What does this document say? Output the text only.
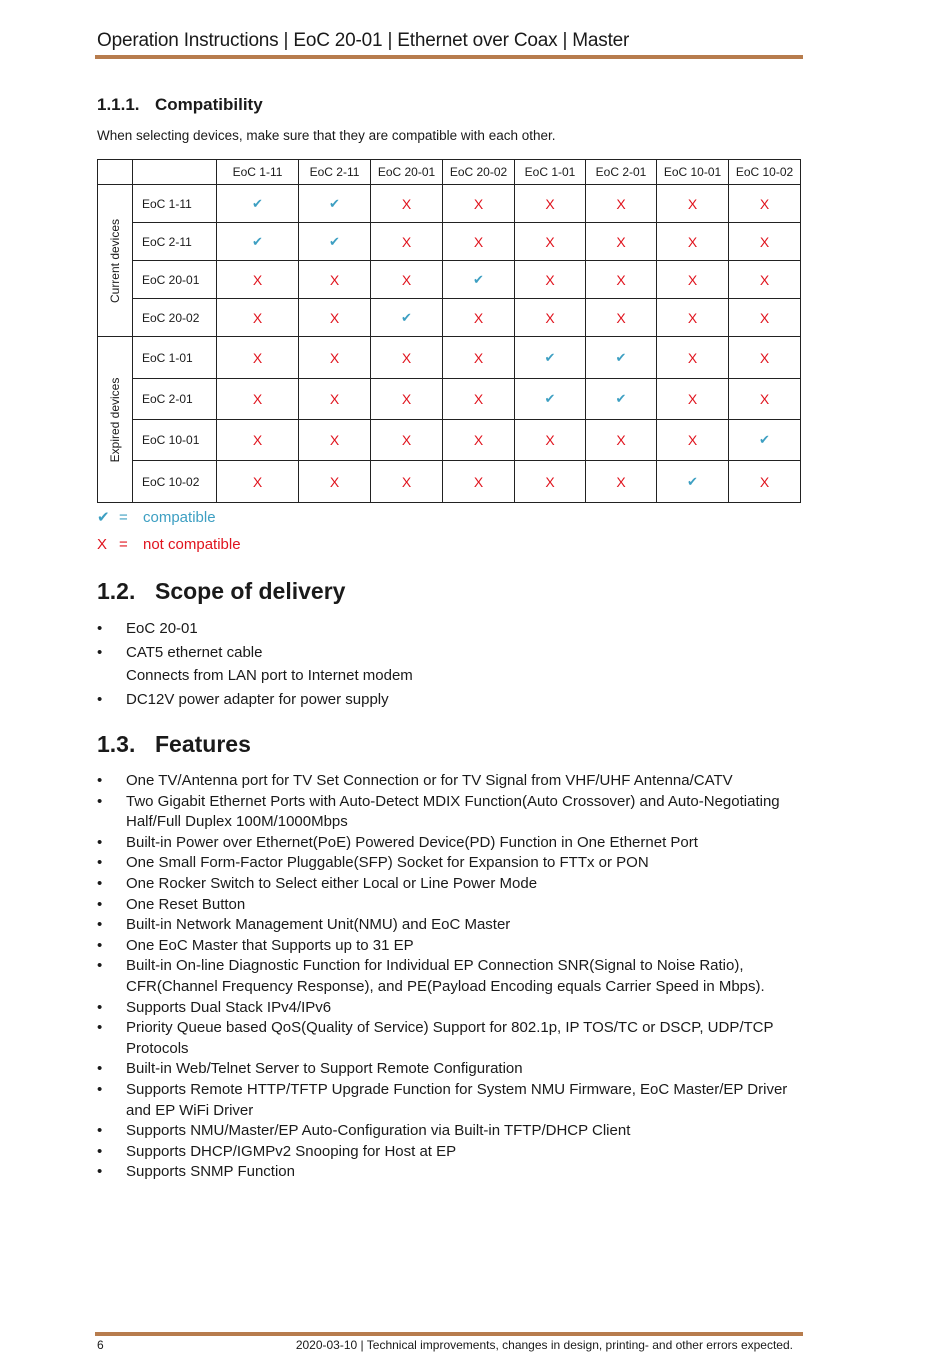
Operation Instructions | EoC 20-01 | Ethernet over Coax | Master
1.1.1. Compatibility
When selecting devices, make sure that they are compatible with each other.
		EoC 1-11	EoC 2-11	EoC 20-01	EoC 20-02	EoC 1-01	EoC 2-01	EoC 10-01	EoC 10-02

Current devices	EoC 1-11	✔	✔	X	X	X	X	X	X
	EoC 2-11	✔	✔	X	X	X	X	X	X
	EoC 20-01	X	X	X	✔	X	X	X	X
	EoC 20-02	X	X	✔	X	X	X	X	X

Expired devices	EoC 1-01	X	X	X	X	✔	✔	X	X
	EoC 2-01	X	X	X	X	✔	✔	X	X
	EoC 10-01	X	X	X	X	X	X	X	✔
	EoC 10-02	X	X	X	X	X	X	✔	X
✔ = compatible
X = not compatible
1.2. Scope of delivery
• EoC 20-01
• CAT5 ethernet cable
Connects from LAN port to Internet modem
• DC12V power adapter for power supply
1.3. Features
• One TV/Antenna port for TV Set Connection or for TV Signal from VHF/UHF Antenna/CATV
• Two Gigabit Ethernet Ports with Auto-Detect MDIX Function(Auto Crossover) and Auto-Negotiating Half/Full Duplex 100M/1000Mbps
• Built-in Power over Ethernet(PoE) Powered Device(PD) Function in One Ethernet Port
• One Small Form-Factor Pluggable(SFP) Socket for Expansion to FTTx or PON
• One Rocker Switch to Select either Local or Line Power Mode
• One Reset Button
• Built-in Network Management Unit(NMU) and EoC Master
• One EoC Master that Supports up to 31 EP
• Built-in On-line Diagnostic Function for Individual EP Connection SNR(Signal to Noise Ratio), CFR(Channel Frequency Response), and PE(Payload Encoding equals Carrier Speed in Mbps).
• Supports Dual Stack IPv4/IPv6
• Priority Queue based QoS(Quality of Service) Support for 802.1p, IP TOS/TC or DSCP, UDP/TCP Protocols
• Built-in Web/Telnet Server to Support Remote Configuration
• Supports Remote HTTP/TFTP Upgrade Function for System NMU Firmware, EoC Master/EP Driver and EP WiFi Driver
• Supports NMU/Master/EP Auto-Configuration via Built-in TFTP/DHCP Client
• Supports DHCP/IGMPv2 Snooping for Host at EP
• Supports SNMP Function
6	2020-03-10 | Technical improvements, changes in design, printing- and other errors expected.
